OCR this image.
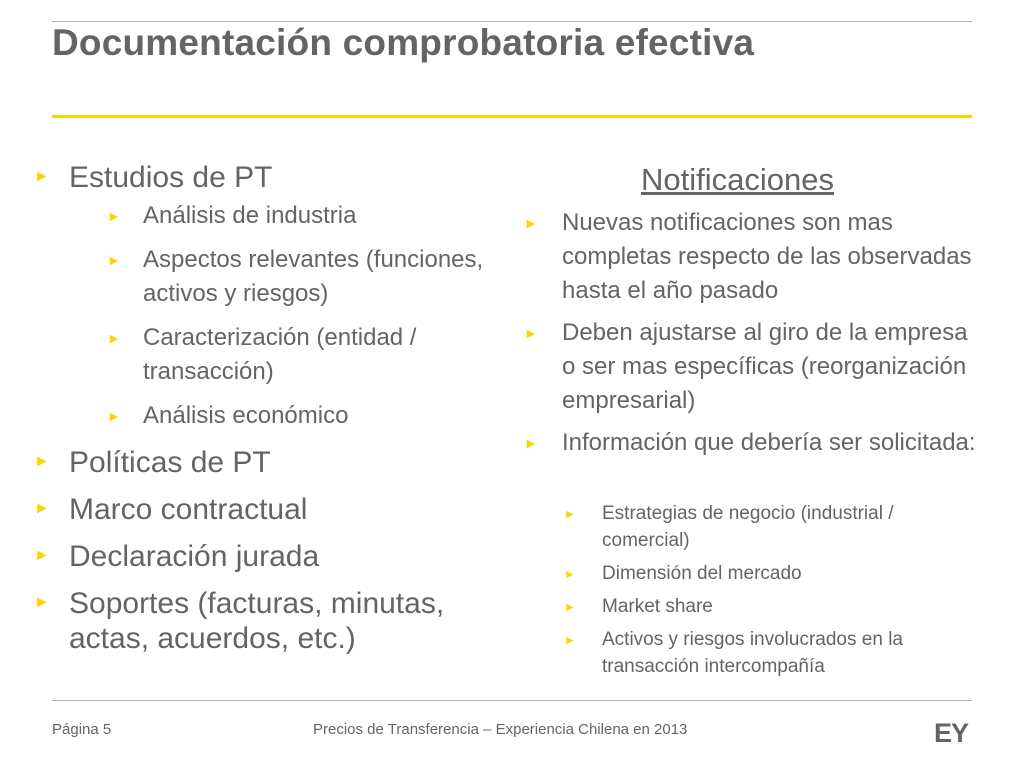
Documentación comprobatoria efectiva
► Estudios de PT
► Análisis de industria
► Aspectos relevantes (funciones, activos y riesgos)
► Caracterización (entidad / transacción)
► Análisis económico
► Políticas de PT
► Marco contractual
► Declaración jurada
► Soportes (facturas, minutas, actas, acuerdos, etc.)
Notificaciones
► Nuevas notificaciones son mas completas respecto de las observadas hasta el año pasado
► Deben ajustarse al giro de la empresa o ser mas específicas (reorganización empresarial)
► Información que debería ser solicitada:
► Estrategias de negocio (industrial / comercial)
► Dimensión del mercado
► Market share
► Activos y riesgos involucrados en la transacción intercompañía
Página 5	Precios de Transferencia – Experiencia Chilena en 2013	EY
